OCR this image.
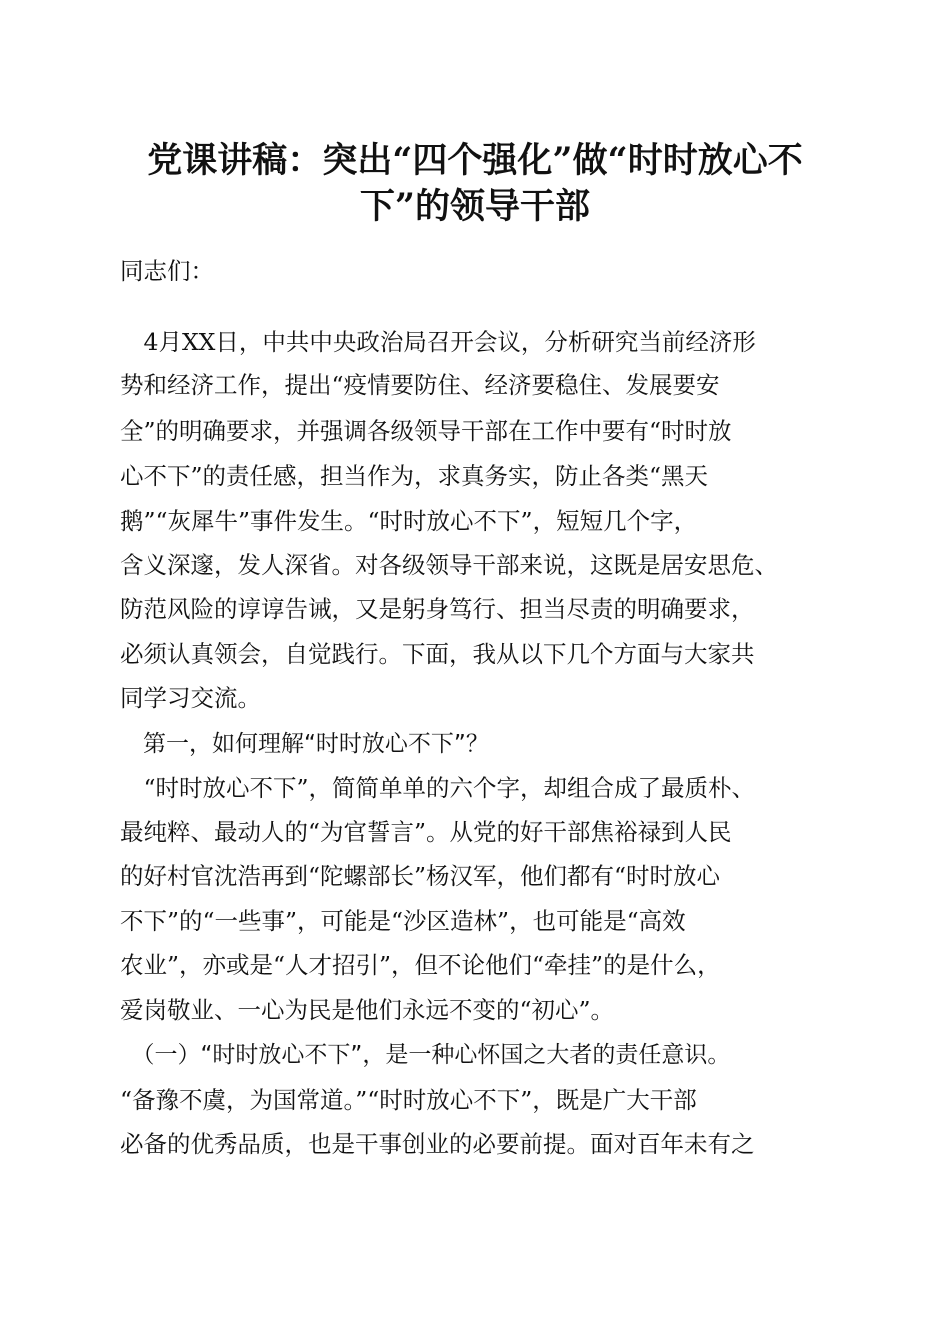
党课讲稿：突出“四个强化”做“时时放心不
下”的领导干部

同志们：

　4月XX日，中共中央政治局召开会议，分析研究当前经济形

势和经济工作，提出“疫情要防住、经济要稳住、发展要安

全”的明确要求，并强调各级领导干部在工作中要有“时时放

心不下”的责任感，担当作为，求真务实，防止各类“黑天

鹅”“灰犀牛”事件发生。“时时放心不下”，短短几个字，

含义深邃，发人深省。对各级领导干部来说，这既是居安思危、

防范风险的谆谆告诫，又是躬身笃行、担当尽责的明确要求，

必须认真领会，自觉践行。下面，我从以下几个方面与大家共

同学习交流。

　第一，如何理解“时时放心不下”？

　“时时放心不下”，简简单单的六个字，却组合成了最质朴、

最纯粹、最动人的“为官誓言”。从党的好干部焦裕禄到人民

的好村官沈浩再到“陀螺部长”杨汉军，他们都有“时时放心

不下”的“一些事”，可能是“沙区造林”，也可能是“高效

农业”，亦或是“人才招引”，但不论他们“牵挂”的是什么，

爱岗敬业、一心为民是他们永远不变的“初心”。

　（一）“时时放心不下”，是一种心怀国之大者的责任意识。

“备豫不虞，为国常道。”“时时放心不下”，既是广大干部

必备的优秀品质，也是干事创业的必要前提。面对百年未有之
